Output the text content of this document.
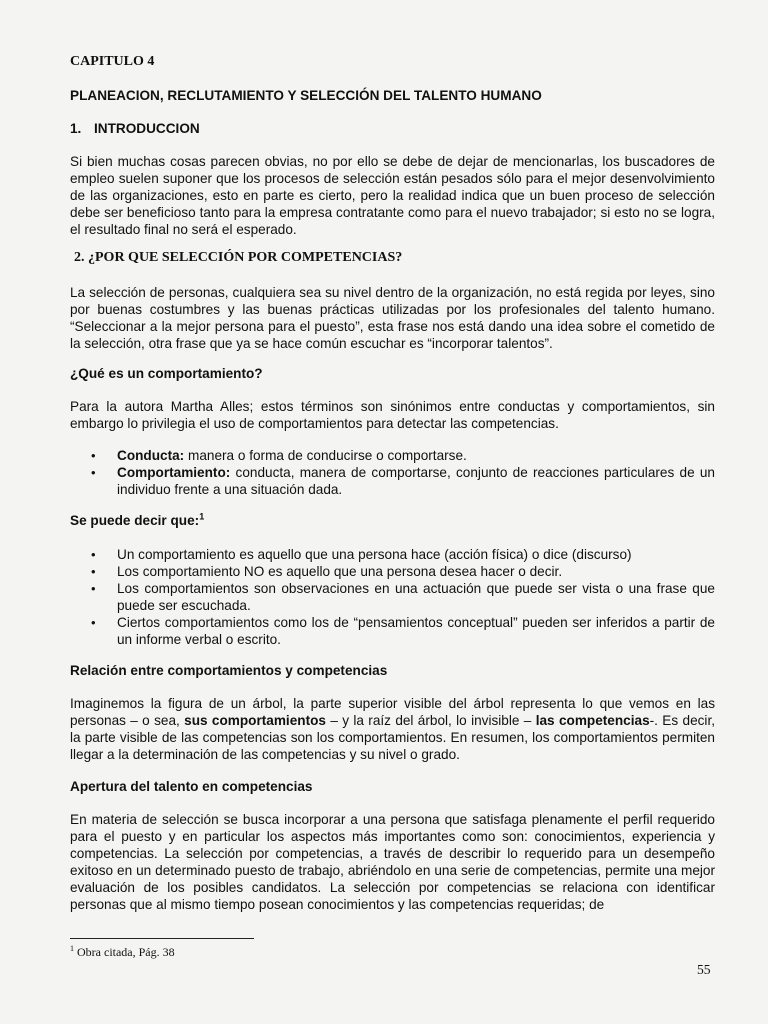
CAPITULO 4
PLANEACION, RECLUTAMIENTO Y SELECCIÓN DEL TALENTO HUMANO
1. INTRODUCCION

Si bien muchas cosas parecen obvias, no por ello se debe de dejar de mencionarlas, los buscadores de empleo suelen suponer que los procesos de selección están pesados sólo para el mejor desenvolvimiento de las organizaciones, esto en parte es cierto, pero la realidad indica que un buen proceso de selección debe ser beneficioso tanto para la empresa contratante como para el nuevo trabajador; si esto no se logra, el resultado final no será el esperado.

2. ¿POR QUE SELECCIÓN POR COMPETENCIAS?

La selección de personas, cualquiera sea su nivel dentro de la organización, no está regida por leyes, sino por buenas costumbres y las buenas prácticas utilizadas por los profesionales del talento humano. “Seleccionar a la mejor persona para el puesto”, esta frase nos está dando una idea sobre el cometido de la selección, otra frase que ya se hace común escuchar es “incorporar talentos”.

¿Qué es un comportamiento?

Para la autora Martha Alles; estos términos son sinónimos entre conductas y comportamientos, sin embargo lo privilegia el uso de comportamientos para detectar las competencias.

• Conducta: manera o forma de conducirse o comportarse.
• Comportamiento: conducta, manera de comportarse, conjunto de reacciones particulares de un individuo frente a una situación dada.
Se puede decir que:$^1$
• Un comportamiento es aquello que una persona hace (acción física) o dice (discurso)
• Los comportamiento NO es aquello que una persona desea hacer o decir.
• Los comportamientos son observaciones en una actuación que puede ser vista o una frase que puede ser escuchada.
• Ciertos comportamientos como los de “pensamientos conceptual” pueden ser inferidos a partir de un informe verbal o escrito.
Relación entre comportamientos y competencias

Imaginemos la figura de un árbol, la parte superior visible del árbol representa lo que vemos en las personas – o sea, sus comportamientos – y la raíz del árbol, lo invisible – las competencias-. Es decir, la parte visible de las competencias son los comportamientos. En resumen, los comportamientos permiten llegar a la determinación de las competencias y su nivel o grado.

Apertura del talento en competencias

En materia de selección se busca incorporar a una persona que satisfaga plenamente el perfil requerido para el puesto y en particular los aspectos más importantes como son: conocimientos, experiencia y competencias. La selección por competencias, a través de describir lo requerido para un desempeño exitoso en un determinado puesto de trabajo, abriéndolo en una serie de competencias, permite una mejor evaluación de los posibles candidatos. La selección por competencias se relaciona con identificar personas que al mismo tiempo posean conocimientos y las competencias requeridas; de

$^1$ Obra citada, Pág. 38
55
